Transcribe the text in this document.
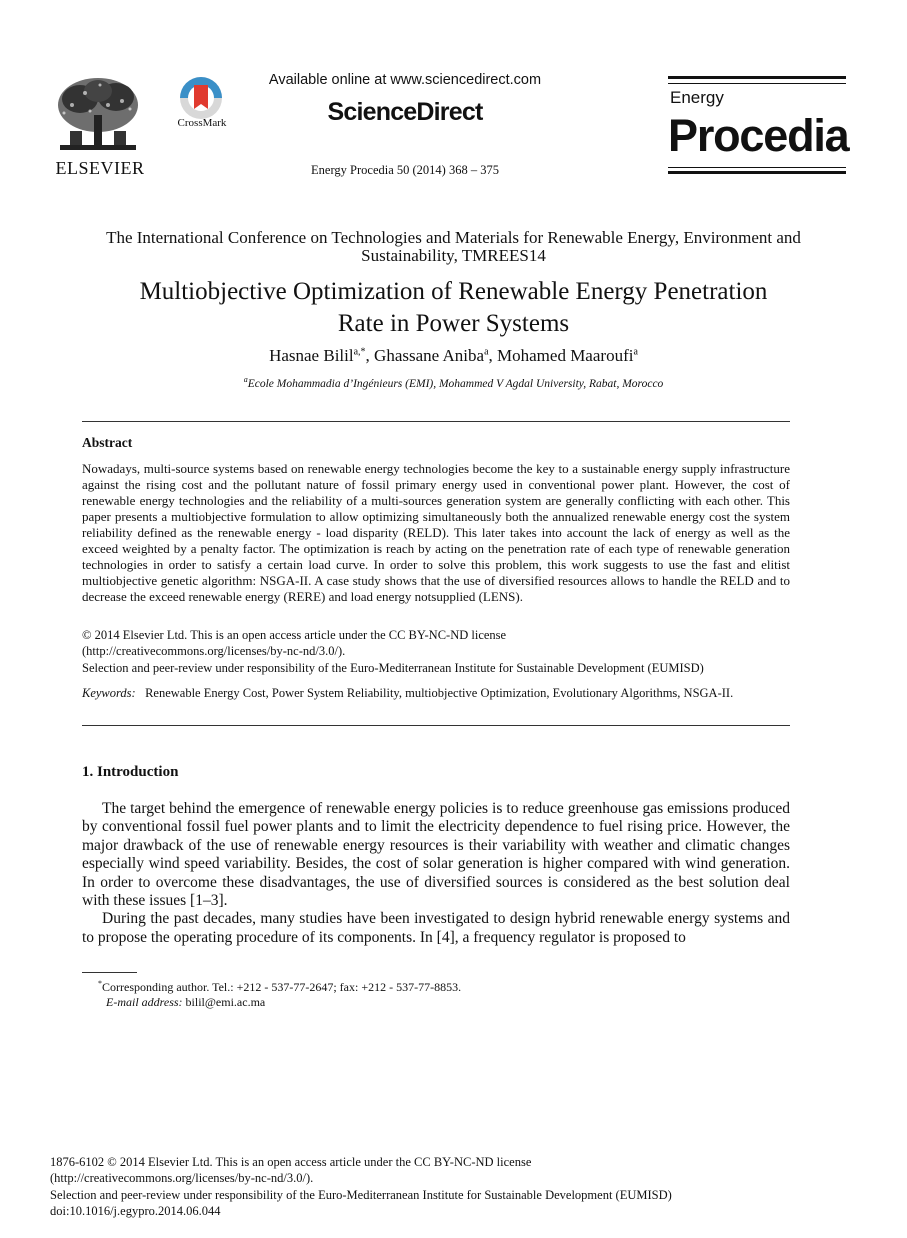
ELSEVIER
CrossMark
Available online at www.sciencedirect.com
ScienceDirect
Energy Procedia 50 (2014) 368 – 375
Energy
Procedia
The International Conference on Technologies and Materials for Renewable Energy, Environment and Sustainability, TMREES14
Multiobjective Optimization of Renewable Energy Penetration
Rate in Power Systems
Hasnae Bilil$^{a,*}$, Ghassane Aniba$^a$, Mohamed Maaroufi$^a$
$^a$Ecole Mohammadia d’Ingénieurs (EMI), Mohammed V Agdal University, Rabat, Morocco
Abstract
Nowadays, multi-source systems based on renewable energy technologies become the key to a sustainable energy supply infrastructure against the rising cost and the pollutant nature of fossil primary energy used in conventional power plant. However, the cost of renewable energy technologies and the reliability of a multi-sources generation system are generally conflicting with each other. This paper presents a multiobjective formulation to allow optimizing simultaneously both the annualized renewable energy cost the system reliability defined as the renewable energy - load disparity (RELD). This later takes into account the lack of energy as well as the exceed weighted by a penalty factor. The optimization is reach by acting on the penetration rate of each type of renewable generation technologies in order to satisfy a certain load curve. In order to solve this problem, this work suggests to use the fast and elitist multiobjective genetic algorithm: NSGA-II. A case study shows that the use of diversified resources allows to handle the RELD and to decrease the exceed renewable energy (RERE) and load energy notsupplied (LENS).
© 2014 Elsevier Ltd. This is an open access article under the CC BY-NC-ND license
(http://creativecommons.org/licenses/by-nc-nd/3.0/).
Selection and peer-review under responsibility of the Euro-Mediterranean Institute for Sustainable Development (EUMISD)
Keywords: Renewable Energy Cost, Power System Reliability, multiobjective Optimization, Evolutionary Algorithms, NSGA-II.
1. Introduction

The target behind the emergence of renewable energy policies is to reduce greenhouse gas emissions produced by conventional fossil fuel power plants and to limit the electricity dependence to fuel rising price. However, the major drawback of the use of renewable energy resources is their variability with weather and climatic changes especially wind speed variability. Besides, the cost of solar generation is higher compared with wind generation. In order to overcome these disadvantages, the use of diversified sources is considered as the best solution deal with these issues [1–3].

During the past decades, many studies have been investigated to design hybrid renewable energy systems and to propose the operating procedure of its components. In [4], a frequency regulator is proposed to

*Corresponding author. Tel.: +212 - 537-77-2647; fax: +212 - 537-77-8853.
E-mail address: bilil@emi.ac.ma
1876-6102 © 2014 Elsevier Ltd. This is an open access article under the CC BY-NC-ND license
(http://creativecommons.org/licenses/by-nc-nd/3.0/).
Selection and peer-review under responsibility of the Euro-Mediterranean Institute for Sustainable Development (EUMISD)
doi:10.1016/j.egypro.2014.06.044
